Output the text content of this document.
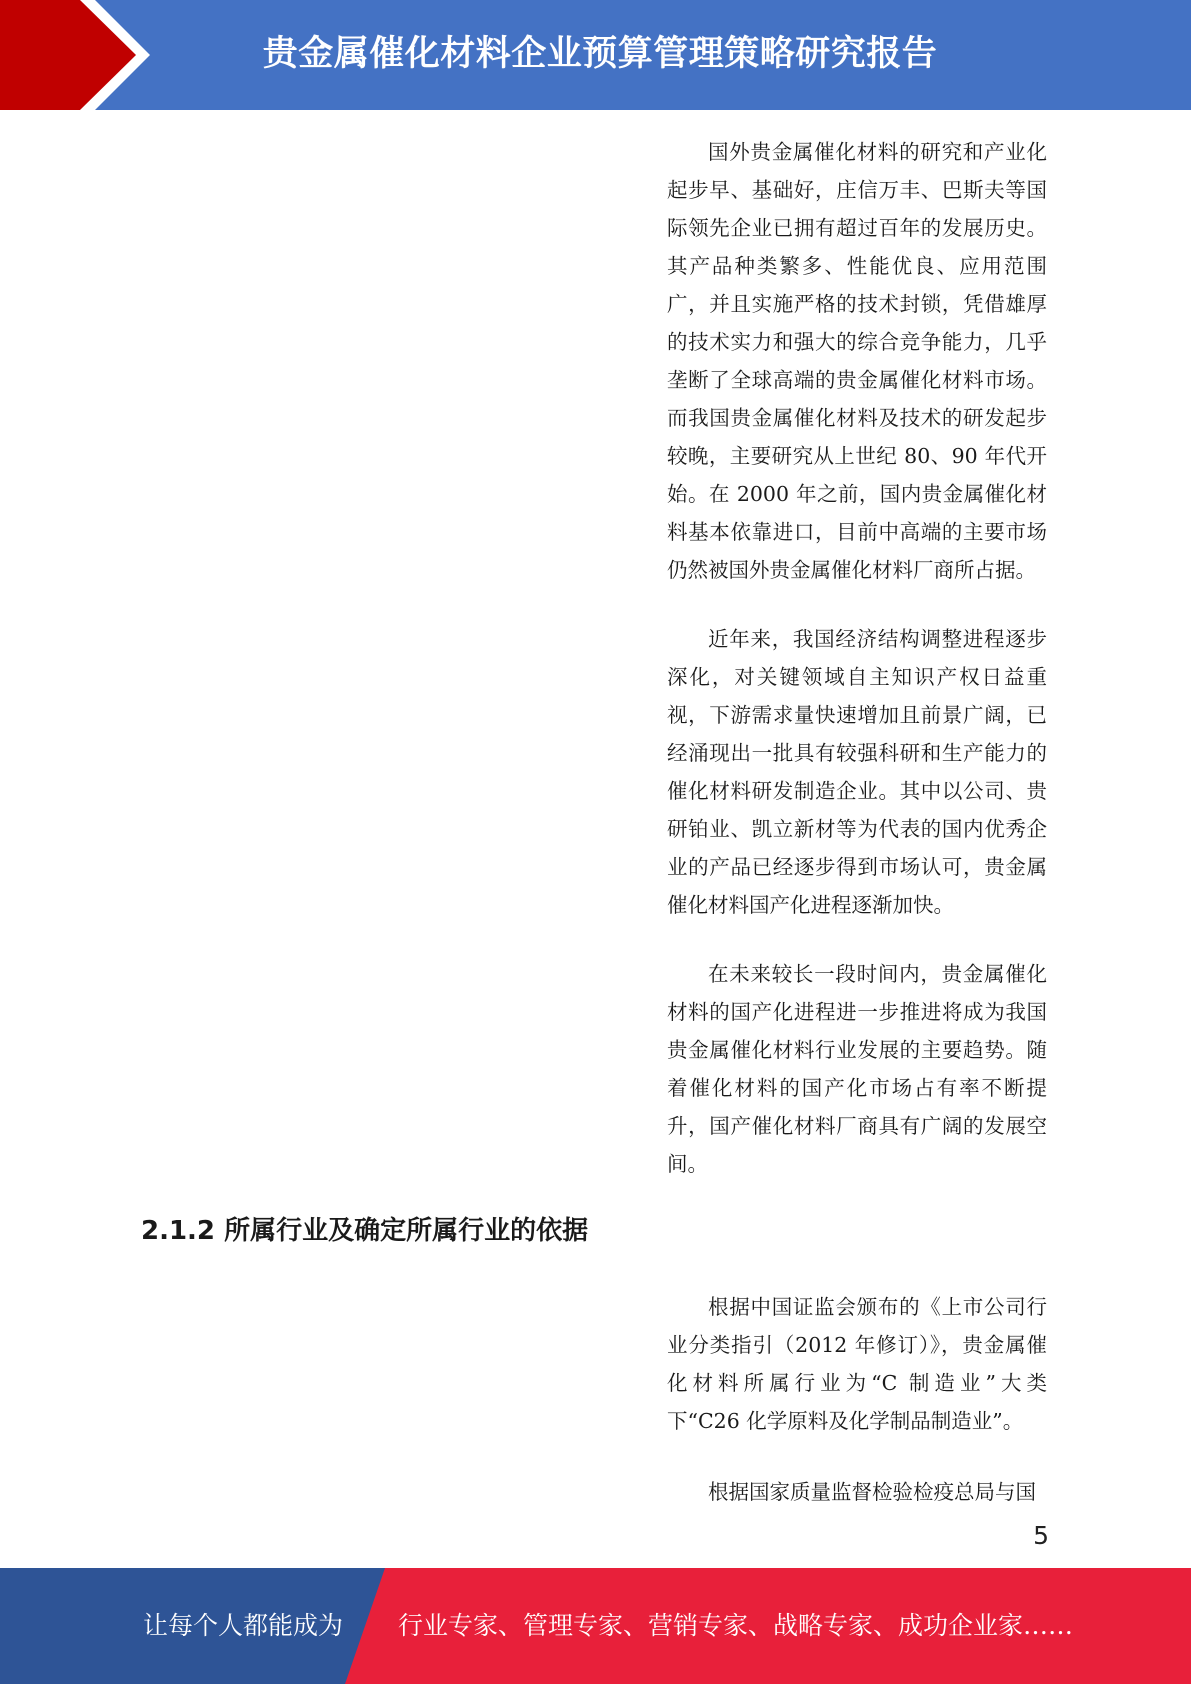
贵金属催化材料企业预算管理策略研究报告

国外贵金属催化材料的研究和产业化起步早、基础好，庄信万丰、巴斯夫等国际领先企业已拥有超过百年的发展历史。其产品种类繁多、性能优良、应用范围广，并且实施严格的技术封锁，凭借雄厚的技术实力和强大的综合竞争能力，几乎垄断了全球高端的贵金属催化材料市场。而我国贵金属催化材料及技术的研发起步较晚，主要研究从上世纪 80、90 年代开始。在 2000 年之前，国内贵金属催化材料基本依靠进口，目前中高端的主要市场仍然被国外贵金属催化材料厂商所占据。

近年来，我国经济结构调整进程逐步深化，对关键领域自主知识产权日益重视，下游需求量快速增加且前景广阔，已经涌现出一批具有较强科研和生产能力的催化材料研发制造企业。其中以公司、贵研铂业、凯立新材等为代表的国内优秀企业的产品已经逐步得到市场认可，贵金属催化材料国产化进程逐渐加快。

在未来较长一段时间内，贵金属催化材料的国产化进程进一步推进将成为我国贵金属催化材料行业发展的主要趋势。随着催化材料的国产化市场占有率不断提升，国产催化材料厂商具有广阔的发展空间。

2.1.2 所属行业及确定所属行业的依据

根据中国证监会颁布的《上市公司行业分类指引（2012 年修订）》，贵金属催化材料所属行业为“C 制造业”大类下“C26 化学原料及化学制品制造业”。

根据国家质量监督检验检疫总局与国

5
让每个人都能成为 行业专家、管理专家、营销专家、战略专家、成功企业家……
